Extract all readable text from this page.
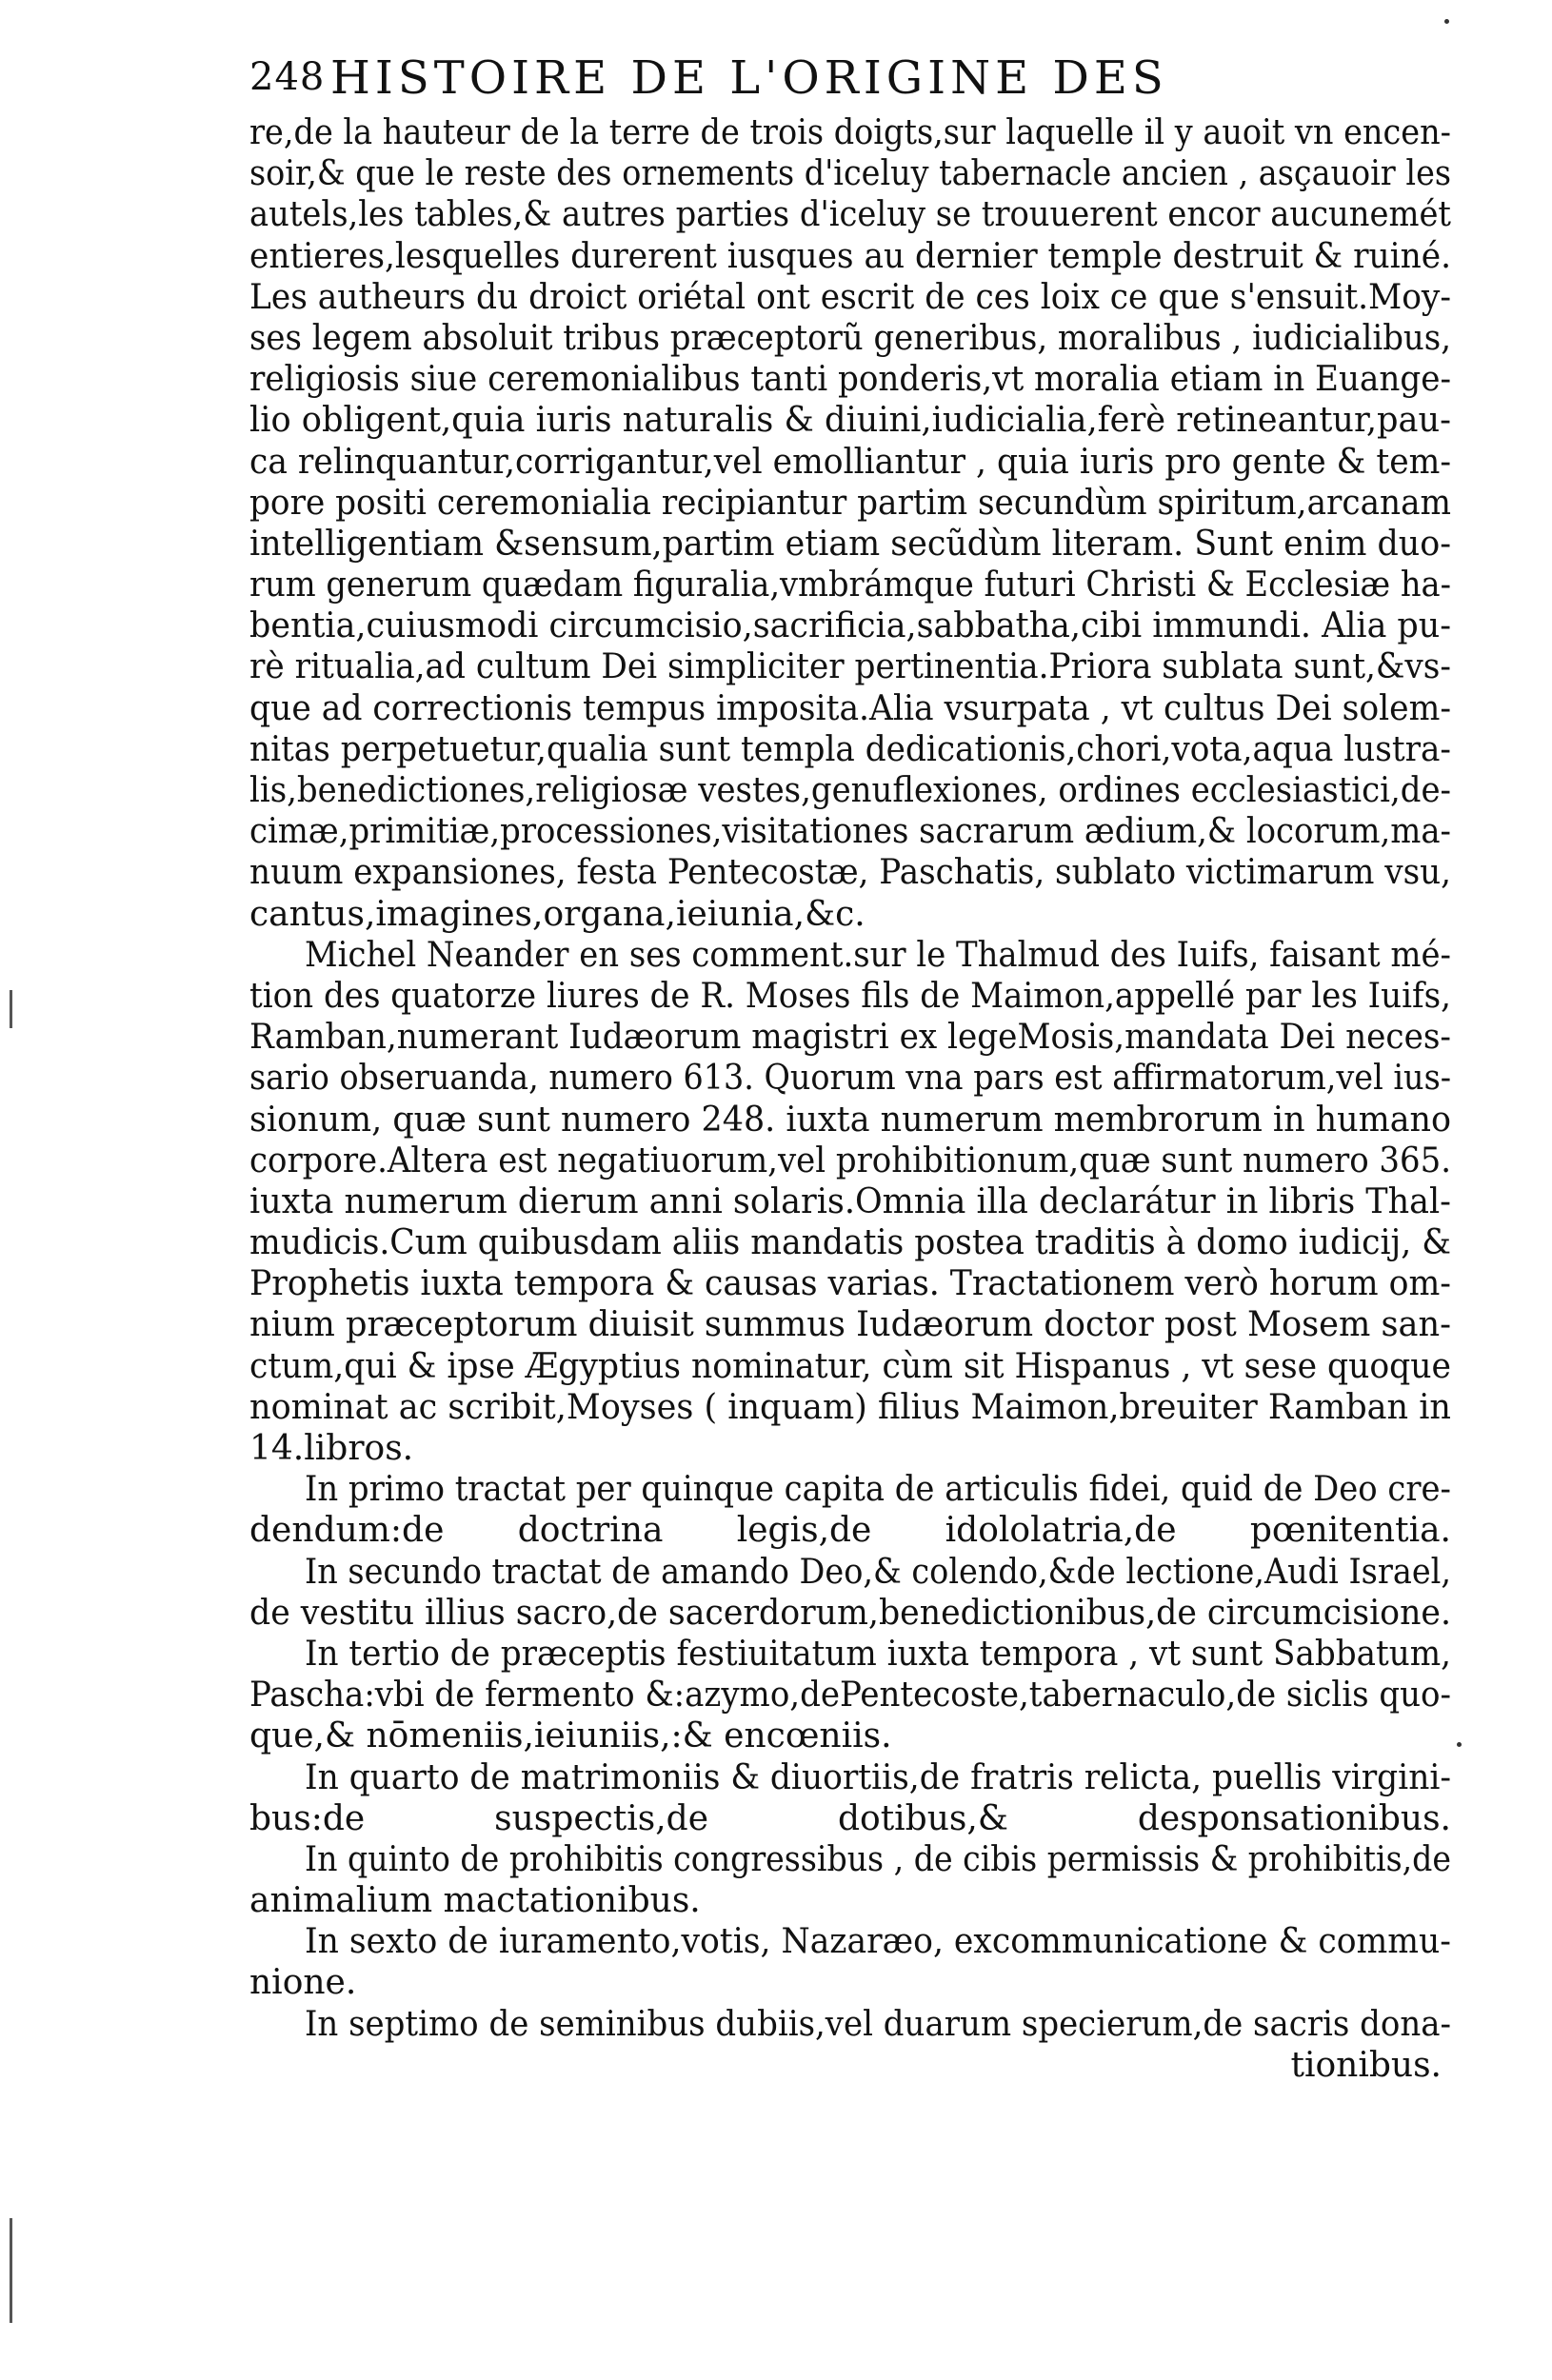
248 HISTOIRE DE L'ORIGINE DES
re,de la hauteur de la terre de trois doigts,sur laquelle il y auoit vn encen-
soir,& que le reste des ornements d'iceluy tabernacle ancien , asçauoir les
autels,les tables,& autres parties d'iceluy se trouuerent encor aucunemét
entieres,lesquelles durerent iusques au dernier temple destruit & ruiné.
Les autheurs du droict oriétal ont escrit de ces loix ce que s'ensuit.Moy-
ses legem absoluit tribus præceptorũ generibus, moralibus , iudicialibus,
religiosis siue ceremonialibus tanti ponderis,vt moralia etiam in Euange-
lio obligent,quia iuris naturalis & diuini,iudicialia,ferè retineantur,pau-
ca relinquantur,corrigantur,vel emolliantur , quia iuris pro gente & tem-
pore positi ceremonialia recipiantur partim secundùm spiritum,arcanam
intelligentiam &sensum,partim etiam secũdùm literam. Sunt enim duo-
rum generum quædam figuralia,vmbrámque futuri Christi & Ecclesiæ ha-
bentia,cuiusmodi circumcisio,sacrificia,sabbatha,cibi immundi. Alia pu-
rè ritualia,ad cultum Dei simpliciter pertinentia.Priora sublata sunt,&vs-
que ad correctionis tempus imposita.Alia vsurpata , vt cultus Dei solem-
nitas perpetuetur,qualia sunt templa dedicationis,chori,vota,aqua lustra-
lis,benedictiones,religiosæ vestes,genuflexiones, ordines ecclesiastici,de-
cimæ,primitiæ,processiones,visitationes sacrarum ædium,& locorum,ma-
nuum expansiones, festa Pentecostæ, Paschatis, sublato victimarum vsu,
cantus,imagines,organa,ieiunia,&c.
Michel Neander en ses comment.sur le Thalmud des Iuifs, faisant mé-
tion des quatorze liures de R. Moses fils de Maimon,appellé par les Iuifs,
Ramban,numerant Iudæorum magistri ex legeMosis,mandata Dei neces-
sario obseruanda, numero 613. Quorum vna pars est affirmatorum,vel ius-
sionum, quæ sunt numero 248. iuxta numerum membrorum in humano
corpore.Altera est negatiuorum,vel prohibitionum,quæ sunt numero 365.
iuxta numerum dierum anni solaris.Omnia illa declarátur in libris Thal-
mudicis.Cum quibusdam aliis mandatis postea traditis à domo iudicij, &
Prophetis iuxta tempora & causas varias. Tractationem verò horum om-
nium præceptorum diuisit summus Iudæorum doctor post Mosem san-
ctum,qui & ipse Ægyptius nominatur, cùm sit Hispanus , vt sese quoque
nominat ac scribit,Moyses ( inquam) filius Maimon,breuiter Ramban in
14.libros.
In primo tractat per quinque capita de articulis fidei, quid de Deo cre-
dendum:de doctrina legis,de idololatria,de pœnitentia.
In secundo tractat de amando Deo,& colendo,&de lectione,Audi Israel,
de vestitu illius sacro,de sacerdorum,benedictionibus,de circumcisione.
In tertio de præceptis festiuitatum iuxta tempora , vt sunt Sabbatum,
Pascha:vbi de fermento &:azymo,dePentecoste,tabernaculo,de siclis quo-
que,& nōmeniis,ieiuniis,:& encœniis.
In quarto de matrimoniis & diuortiis,de fratris relicta, puellis virgini-
bus:de suspectis,de dotibus,& desponsationibus.
In quinto de prohibitis congressibus , de cibis permissis & prohibitis,de
animalium mactationibus.
In sexto de iuramento,votis, Nazaræo, excommunicatione & commu-
nione.
In septimo de seminibus dubiis,vel duarum specierum,de sacris dona-
tionibus.
